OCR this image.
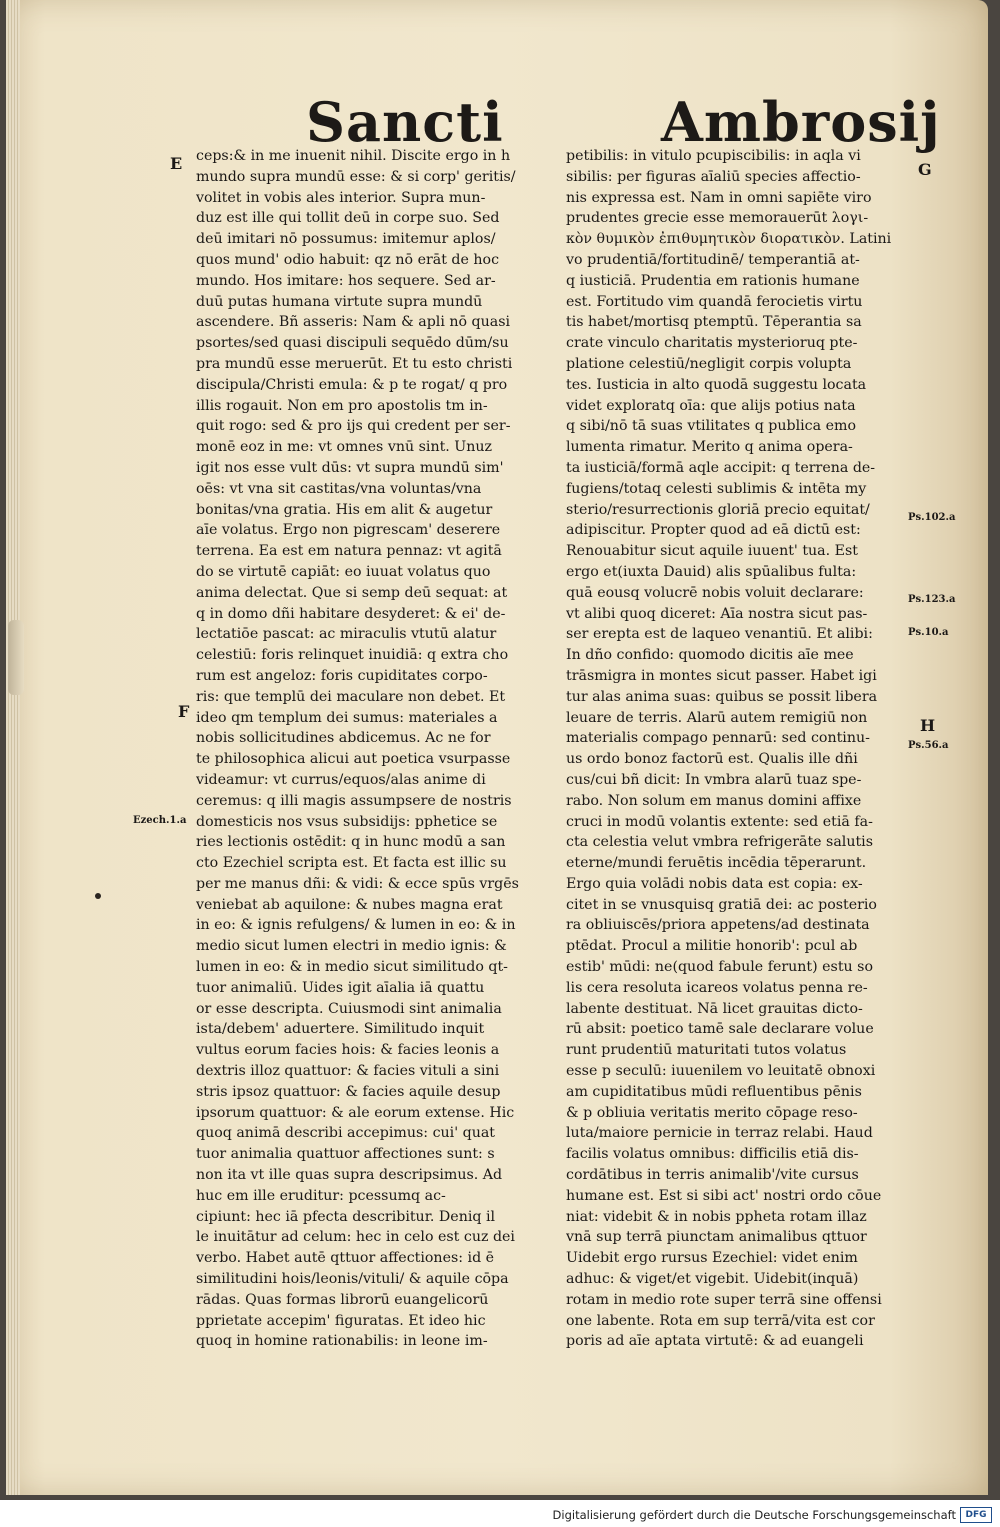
Sancti	Ambrosij
E
F
Ezech.1.a
G
Ps.102.a
Ps.123.a
Ps.10.a
H
Ps.56.a
ceps:& in me inuenit nihil. Discite ergo in h
mundo supra mundū esse: & si corp' geritis/
volitet in vobis ales interior. Supra mun-
duz est ille qui tollit deū in corpe suo. Sed
deū imitari nō possumus: imitemur aplos/
quos mund' odio habuit: qz nō erāt de hoc
mundo. Hos imitare: hos sequere. Sed ar-
duū putas humana virtute supra mundū
ascendere. Bñ asseris: Nam & apli nō quasi
psortes/sed quasi discipuli sequēdo dūm/su
pra mundū esse meruerūt. Et tu esto christi
discipula/Christi emula: & p te rogat/ q pro
illis rogauit. Non em pro apostolis tm in-
quit rogo: sed & pro ijs qui credent per ser-
monē eoz in me: vt omnes vnū sint. Unuz
igit nos esse vult dūs: vt supra mundū sim'
oēs: vt vna sit castitas/vna voluntas/vna
bonitas/vna gratia. His em alit & augetur
aīe volatus. Ergo non pigrescam' deserere
terrena. Ea est em natura pennaz: vt agitā
do se virtutē capiāt: eo iuuat volatus quo
anima delectat. Que si semp deū sequat: at
q in domo dñi habitare desyderet: & ei' de-
lectatiōe pascat: ac miraculis vtutū alatur
celestiū: foris relinquet inuidiā: q extra cho
rum est angeloz: foris cupiditates corpo-
ris: que templū dei maculare non debet. Et
ideo qm templum dei sumus: materiales a
nobis sollicitudines abdicemus. Ac ne for
te philosophica alicui aut poetica vsurpasse
videamur: vt currus/equos/alas anime di
ceremus: q illi magis assumpsere de nostris
domesticis nos vsus subsidijs: pphetice se
ries lectionis ostēdit: q in hunc modū a san
cto Ezechiel scripta est. Et facta est illic su
per me manus dñi: & vidi: & ecce spūs vrgēs
veniebat ab aquilone: & nubes magna erat
in eo: & ignis refulgens/ & lumen in eo: & in
medio sicut lumen electri in medio ignis: &
lumen in eo: & in medio sicut similitudo qt-
tuor animaliū. Uides igit aīalia iā quattu
or esse descripta. Cuiusmodi sint animalia
ista/debem' aduertere. Similitudo inquit
vultus eorum facies hois: & facies leonis a
dextris illoz quattuor: & facies vituli a sini
stris ipsoz quattuor: & facies aquile desup
ipsorum quattuor: & ale eorum extense. Hic
quoq animā describi accepimus: cui' quat
tuor animalia quattuor affectiones sunt: s
non ita vt ille quas supra descripsimus. Ad
huc em ille eruditur: pcessumq ac-
cipiunt: hec iā pfecta describitur. Deniq il
le inuitātur ad celum: hec in celo est cuz dei
verbo. Habet autē qttuor affectiones: id ē
similitudini hois/leonis/vituli/ & aquile cōpa
rādas. Quas formas librorū euangelicorū
pprietate accepim' figuratas. Et ideo hic
quoq in homine rationabilis: in leone im-
petibilis: in vitulo pcupiscibilis: in aqla vi
sibilis: per figuras aīaliū species affectio-
nis expressa est. Nam in omni sapiēte viro
prudentes grecie esse memorauerūt λογι-
κὸν θυμικὸν ἐπιθυμητικὸν διορατικὸν. Latini
vo prudentiā/fortitudinē/ temperantiā at-
q iusticiā. Prudentia em rationis humane
est. Fortitudo vim quandā ferocietis virtu
tis habet/mortisq ptemptū. Tēperantia sa
crate vinculo charitatis mysterioruq pte-
platione celestiū/negligit corpis volupta
tes. Iusticia in alto quodā suggestu locata
videt exploratq oīa: que alijs potius nata
q sibi/nō tā suas vtilitates q publica emo
lumenta rimatur. Merito q anima opera-
ta iusticiā/formā aqle accipit: q terrena de-
fugiens/totaq celesti sublimis & intēta my
sterio/resurrectionis gloriā precio equitat/
adipiscitur. Propter quod ad eā dictū est:
Renouabitur sicut aquile iuuent' tua. Est
ergo et(iuxta Dauid) alis spūalibus fulta:
quā eousq volucrē nobis voluit declarare:
vt alibi quoq diceret: Aīa nostra sicut pas-
ser erepta est de laqueo venantiū. Et alibi:
In dño confido: quomodo dicitis aīe mee
trāsmigra in montes sicut passer. Habet igi
tur alas anima suas: quibus se possit libera
leuare de terris. Alarū autem remigiū non
materialis compago pennarū: sed continu-
us ordo bonoz factorū est. Qualis ille dñi
cus/cui bñ dicit: In vmbra alarū tuaz spe-
rabo. Non solum em manus domini affixe
cruci in modū volantis extente: sed etiā fa-
cta celestia velut vmbra refrigerāte salutis
eterne/mundi feruētis incēdia tēperarunt.
Ergo quia volādi nobis data est copia: ex-
citet in se vnusquisq gratiā dei: ac posterio
ra obliuiscēs/priora appetens/ad destinata
ptēdat. Procul a militie honorib': pcul ab
estib' mūdi: ne(quod fabule ferunt) estu so
lis cera resoluta icareos volatus penna re-
labente destituat. Nā licet grauitas dicto-
rū absit: poetico tamē sale declarare volue
runt prudentiū maturitati tutos volatus
esse p seculū: iuuenilem vo leuitatē obnoxi
am cupiditatibus mūdi refluentibus pēnis
& p obliuia veritatis merito cōpage reso-
luta/maiore pernicie in terraz relabi. Haud
facilis volatus omnibus: difficilis etiā dis-
cordātibus in terris animalib'/vite cursus
humane est. Est si sibi act' nostri ordo cōue
niat: videbit & in nobis ppheta rotam illaz
vnā sup terrā piunctam animalibus qttuor
Uidebit ergo rursus Ezechiel: videt enim
adhuc: & viget/et vigebit. Uidebit(inquā)
rotam in medio rote super terrā sine offensi
one labente. Rota em sup terrā/vita est cor
poris ad aīe aptata virtutē: & ad euangeli
Digitalisierung gefördert durch die Deutsche Forschungsgemeinschaft	DFG
